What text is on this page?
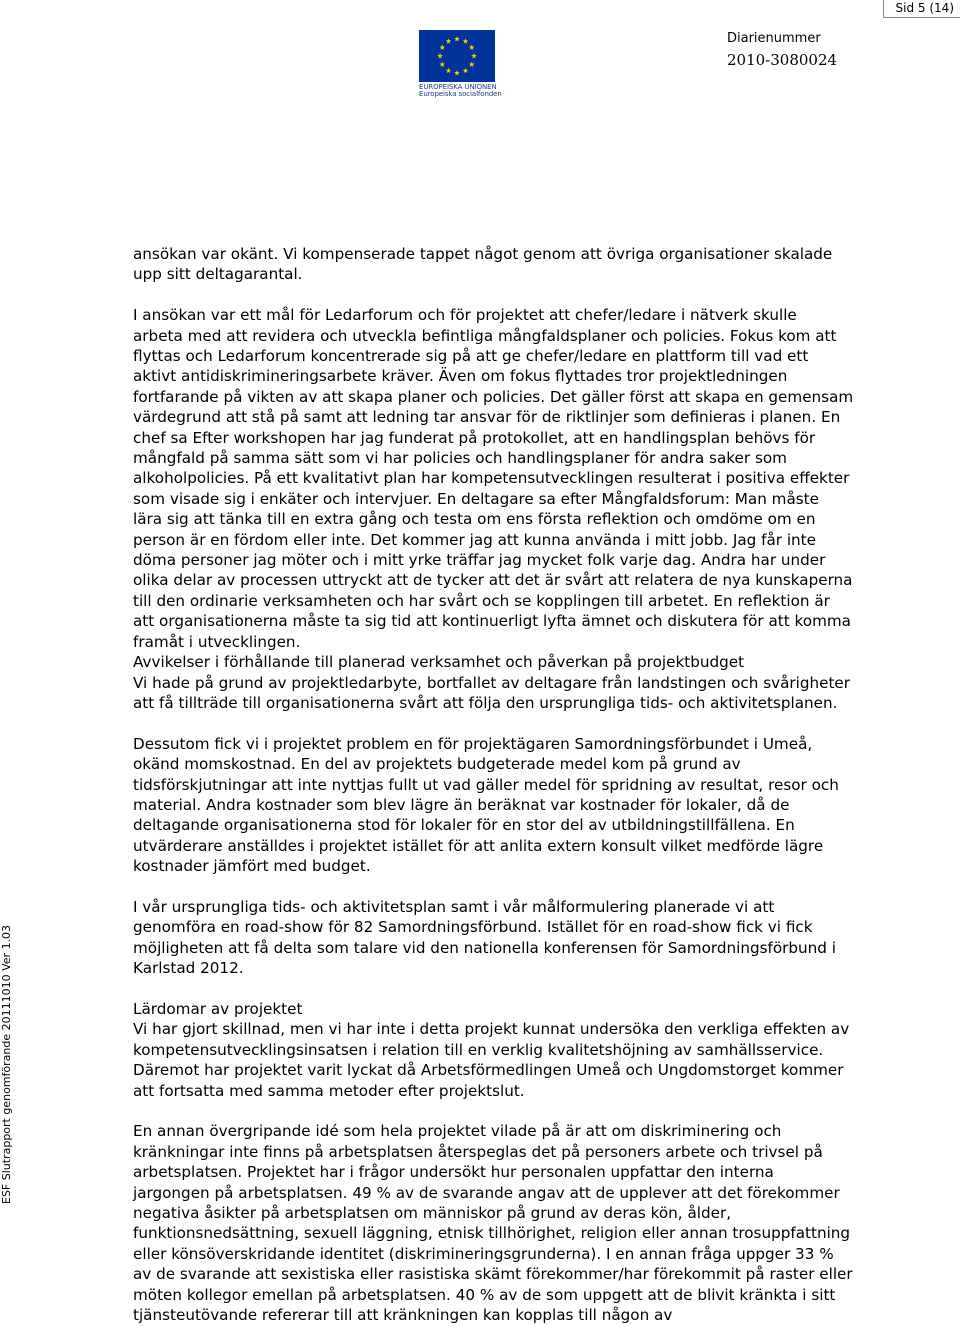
Sid 5 (14)
EUROPEISKA UNIONEN
Europeiska socialfonden
Diarienummer
2010-3080024
ESF Slutrapport genomförande 20111010 Ver 1.03

ansökan var okänt. Vi kompenserade tappet något genom att övriga organisationer skalade

upp sitt deltagarantal.

I ansökan var ett mål för Ledarforum och för projektet att chefer/ledare i nätverk skulle

arbeta med att revidera och utveckla befintliga mångfaldsplaner och policies. Fokus kom att

flyttas och Ledarforum koncentrerade sig på att ge chefer/ledare en plattform till vad ett

aktivt antidiskrimineringsarbete kräver. Även om fokus flyttades tror projektledningen

fortfarande på vikten av att skapa planer och policies. Det gäller först att skapa en gemensam

värdegrund att stå på samt att ledning tar ansvar för de riktlinjer som definieras i planen. En

chef sa Efter workshopen har jag funderat på protokollet, att en handlingsplan behövs för

mångfald på samma sätt som vi har policies och handlingsplaner för andra saker som

alkoholpolicies. På ett kvalitativt plan har kompetensutvecklingen resulterat i positiva effekter

som visade sig i enkäter och intervjuer. En deltagare sa efter Mångfaldsforum: Man måste

lära sig att tänka till en extra gång och testa om ens första reflektion och omdöme om en

person är en fördom eller inte. Det kommer jag att kunna använda i mitt jobb. Jag får inte

döma personer jag möter och i mitt yrke träffar jag mycket folk varje dag. Andra har under

olika delar av processen uttryckt att de tycker att det är svårt att relatera de nya kunskaperna

till den ordinarie verksamheten och har svårt och se kopplingen till arbetet. En reflektion är

att organisationerna måste ta sig tid att kontinuerligt lyfta ämnet och diskutera för att komma

framåt i utvecklingen.

Avvikelser i förhållande till planerad verksamhet och påverkan på projektbudget

Vi hade på grund av projektledarbyte, bortfallet av deltagare från landstingen och svårigheter

att få tillträde till organisationerna svårt att följa den ursprungliga tids- och aktivitetsplanen.

Dessutom fick vi i projektet problem en för projektägaren Samordningsförbundet i Umeå,

okänd momskostnad. En del av projektets budgeterade medel kom på grund av

tidsförskjutningar att inte nyttjas fullt ut vad gäller medel för spridning av resultat, resor och

material. Andra kostnader som blev lägre än beräknat var kostnader för lokaler, då de

deltagande organisationerna stod för lokaler för en stor del av utbildningstillfällena. En

utvärderare anställdes i projektet istället för att anlita extern konsult vilket medförde lägre

kostnader jämfört med budget.

I vår ursprungliga tids- och aktivitetsplan samt i vår målformulering planerade vi att

genomföra en road-show för 82 Samordningsförbund. Istället för en road-show fick vi fick

möjligheten att få delta som talare vid den nationella konferensen för Samordningsförbund i

Karlstad 2012.

Lärdomar av projektet

Vi har gjort skillnad, men vi har inte i detta projekt kunnat undersöka den verkliga effekten av

kompetensutvecklingsinsatsen i relation till en verklig kvalitetshöjning av samhällsservice.

Däremot har projektet varit lyckat då Arbetsförmedlingen Umeå och Ungdomstorget kommer

att fortsatta med samma metoder efter projektslut.

En annan övergripande idé som hela projektet vilade på är att om diskriminering och

kränkningar inte finns på arbetsplatsen återspeglas det på personers arbete och trivsel på

arbetsplatsen. Projektet har i frågor undersökt hur personalen uppfattar den interna

jargongen på arbetsplatsen. 49 % av de svarande angav att de upplever att det förekommer

negativa åsikter på arbetsplatsen om människor på grund av deras kön, ålder,

funktionsnedsättning, sexuell läggning, etnisk tillhörighet, religion eller annan trosuppfattning

eller könsöverskridande identitet (diskrimineringsgrunderna). I en annan fråga uppger 33 %

av de svarande att sexistiska eller rasistiska skämt förekommer/har förekommit på raster eller

möten kollegor emellan på arbetsplatsen. 40 % av de som uppgett att de blivit kränkta i sitt

tjänsteutövande refererar till att kränkningen kan kopplas till någon av
